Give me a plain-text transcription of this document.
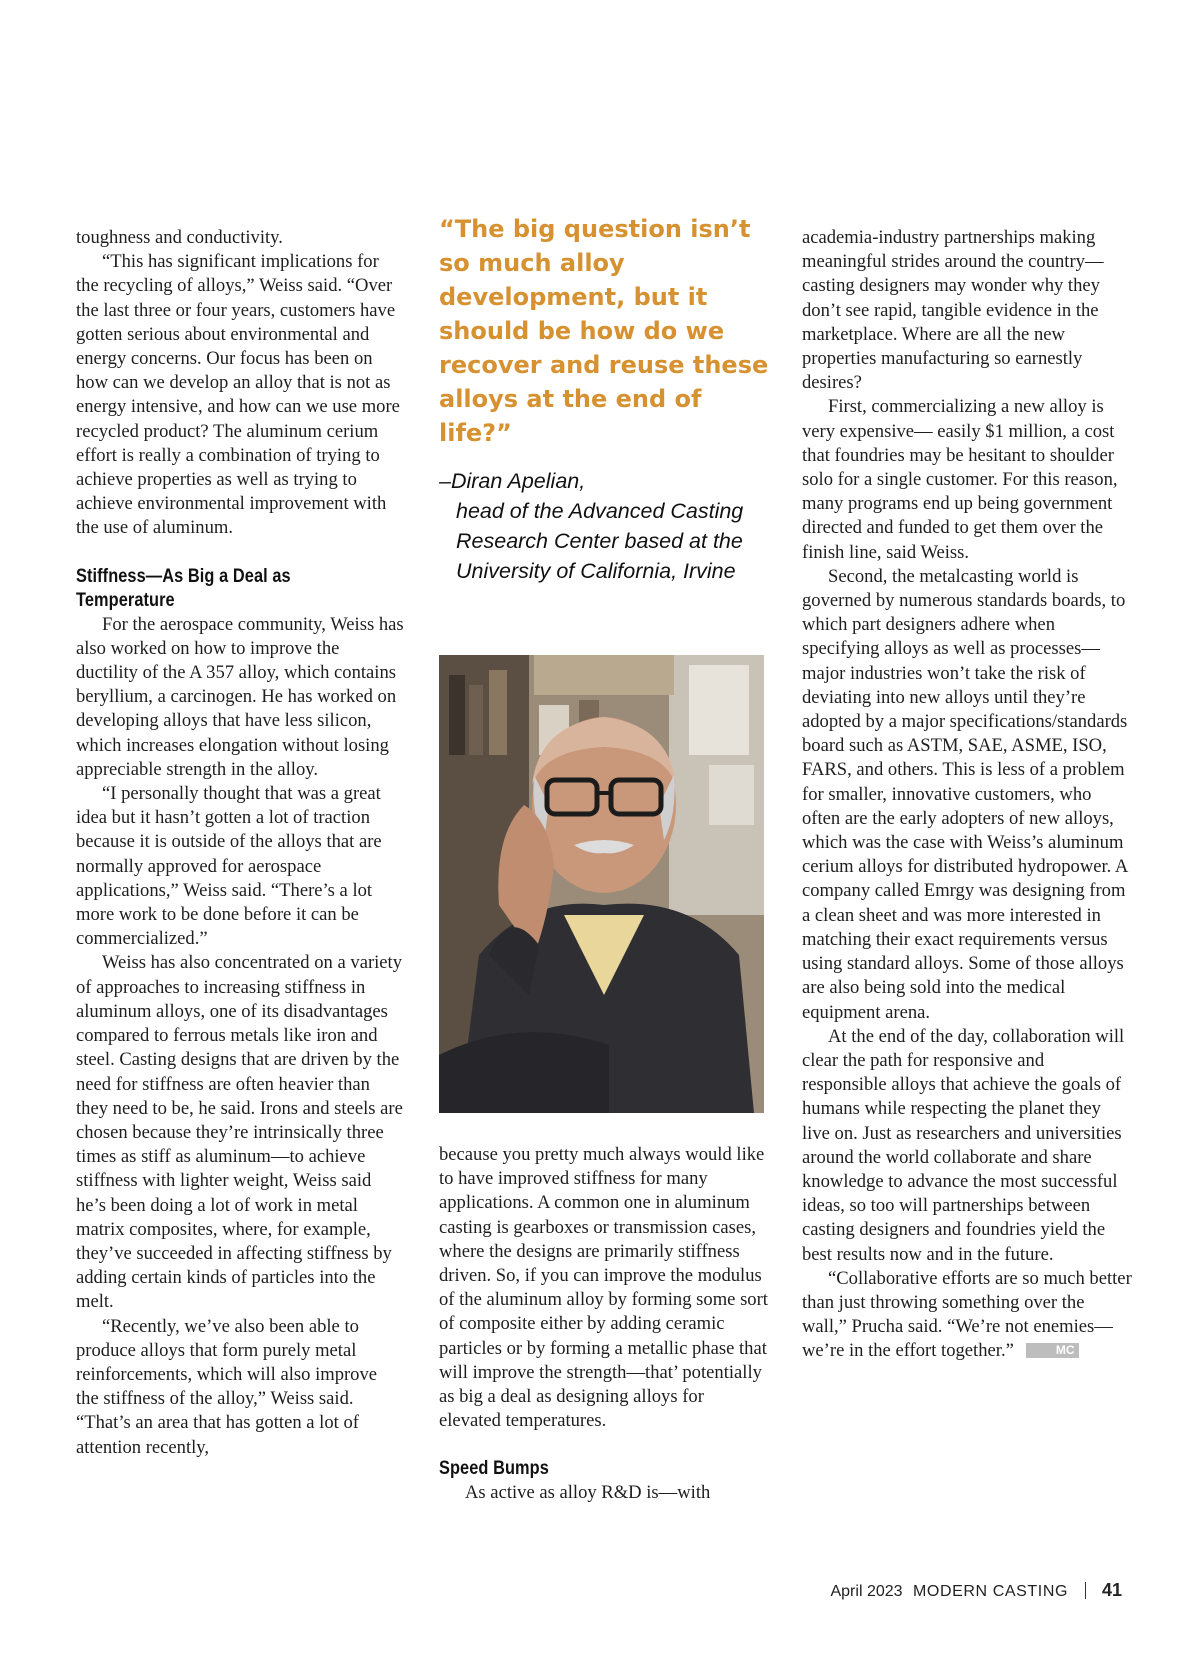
toughness and conductivity.

“This has significant implications for the recycling of alloys,” Weiss said. “Over the last three or four years, customers have gotten serious about environmental and energy concerns. Our focus has been on how can we develop an alloy that is not as energy intensive, and how can we use more recycled product? The aluminum cerium effort is really a combination of trying to achieve properties as well as trying to achieve environmental improvement with the use of aluminum.

Stiffness—As Big a Deal as Temperature

For the aerospace community, Weiss has also worked on how to improve the ductility of the A 357 alloy, which contains beryllium, a carcinogen. He has worked on developing alloys that have less silicon, which increases elongation without losing appreciable strength in the alloy.

“I personally thought that was a great idea but it hasn’t gotten a lot of traction because it is outside of the alloys that are normally approved for aerospace applications,” Weiss said. “There’s a lot more work to be done before it can be commercialized.”

Weiss has also concentrated on a variety of approaches to increasing stiffness in aluminum alloys, one of its disadvantages compared to ferrous metals like iron and steel. Casting designs that are driven by the need for stiffness are often heavier than they need to be, he said. Irons and steels are chosen because they’re intrinsically three times as stiff as aluminum—to achieve stiffness with lighter weight, Weiss said he’s been doing a lot of work in metal matrix composites, where, for example, they’ve succeeded in affecting stiffness by adding certain kinds of particles into the melt.

“Recently, we’ve also been able to produce alloys that form purely metal reinforcements, which will also improve the stiffness of the alloy,” Weiss said. “That’s an area that has gotten a lot of attention recently,

“The big question isn’t so much alloy development, but it should be how do we recover and reuse these alloys at the end of life?”
–Diran Apelian,
head of the Advanced Casting Research Center based at the University of California, Irvine

because you pretty much always would like to have improved stiffness for many applications. A common one in aluminum casting is gearboxes or transmission cases, where the designs are primarily stiffness driven. So, if you can improve the modulus of the aluminum alloy by forming some sort of composite either by adding ceramic particles or by forming a metallic phase that will improve the strength—that’ potentially as big a deal as designing alloys for elevated temperatures.

Speed Bumps

As active as alloy R&D is—with

academia-industry partnerships making meaningful strides around the country—casting designers may wonder why they don’t see rapid, tangible evidence in the marketplace. Where are all the new properties manufacturing so earnestly desires?

First, commercializing a new alloy is very expensive— easily $1 million, a cost that foundries may be hesitant to shoulder solo for a single customer. For this reason, many programs end up being government directed and funded to get them over the finish line, said Weiss.

Second, the metalcasting world is governed by numerous standards boards, to which part designers adhere when specifying alloys as well as processes—major industries won’t take the risk of deviating into new alloys until they’re adopted by a major specifications/standards board such as ASTM, SAE, ASME, ISO, FARS, and others. This is less of a problem for smaller, innovative customers, who often are the early adopters of new alloys, which was the case with Weiss’s aluminum cerium alloys for distributed hydropower. A company called Emrgy was designing from a clean sheet and was more interested in matching their exact requirements versus using standard alloys. Some of those alloys are also being sold into the medical equipment arena.

At the end of the day, collaboration will clear the path for responsive and responsible alloys that achieve the goals of humans while respecting the planet they live on. Just as researchers and universities around the world collaborate and share knowledge to advance the most successful ideas, so too will partnerships between casting designers and foundries yield the best results now and in the future.

“Collaborative efforts are so much better than just throwing something over the wall,” Prucha said. “We’re not enemies––we’re in the effort together.”	MC

April 2023 MODERN CASTING 41
